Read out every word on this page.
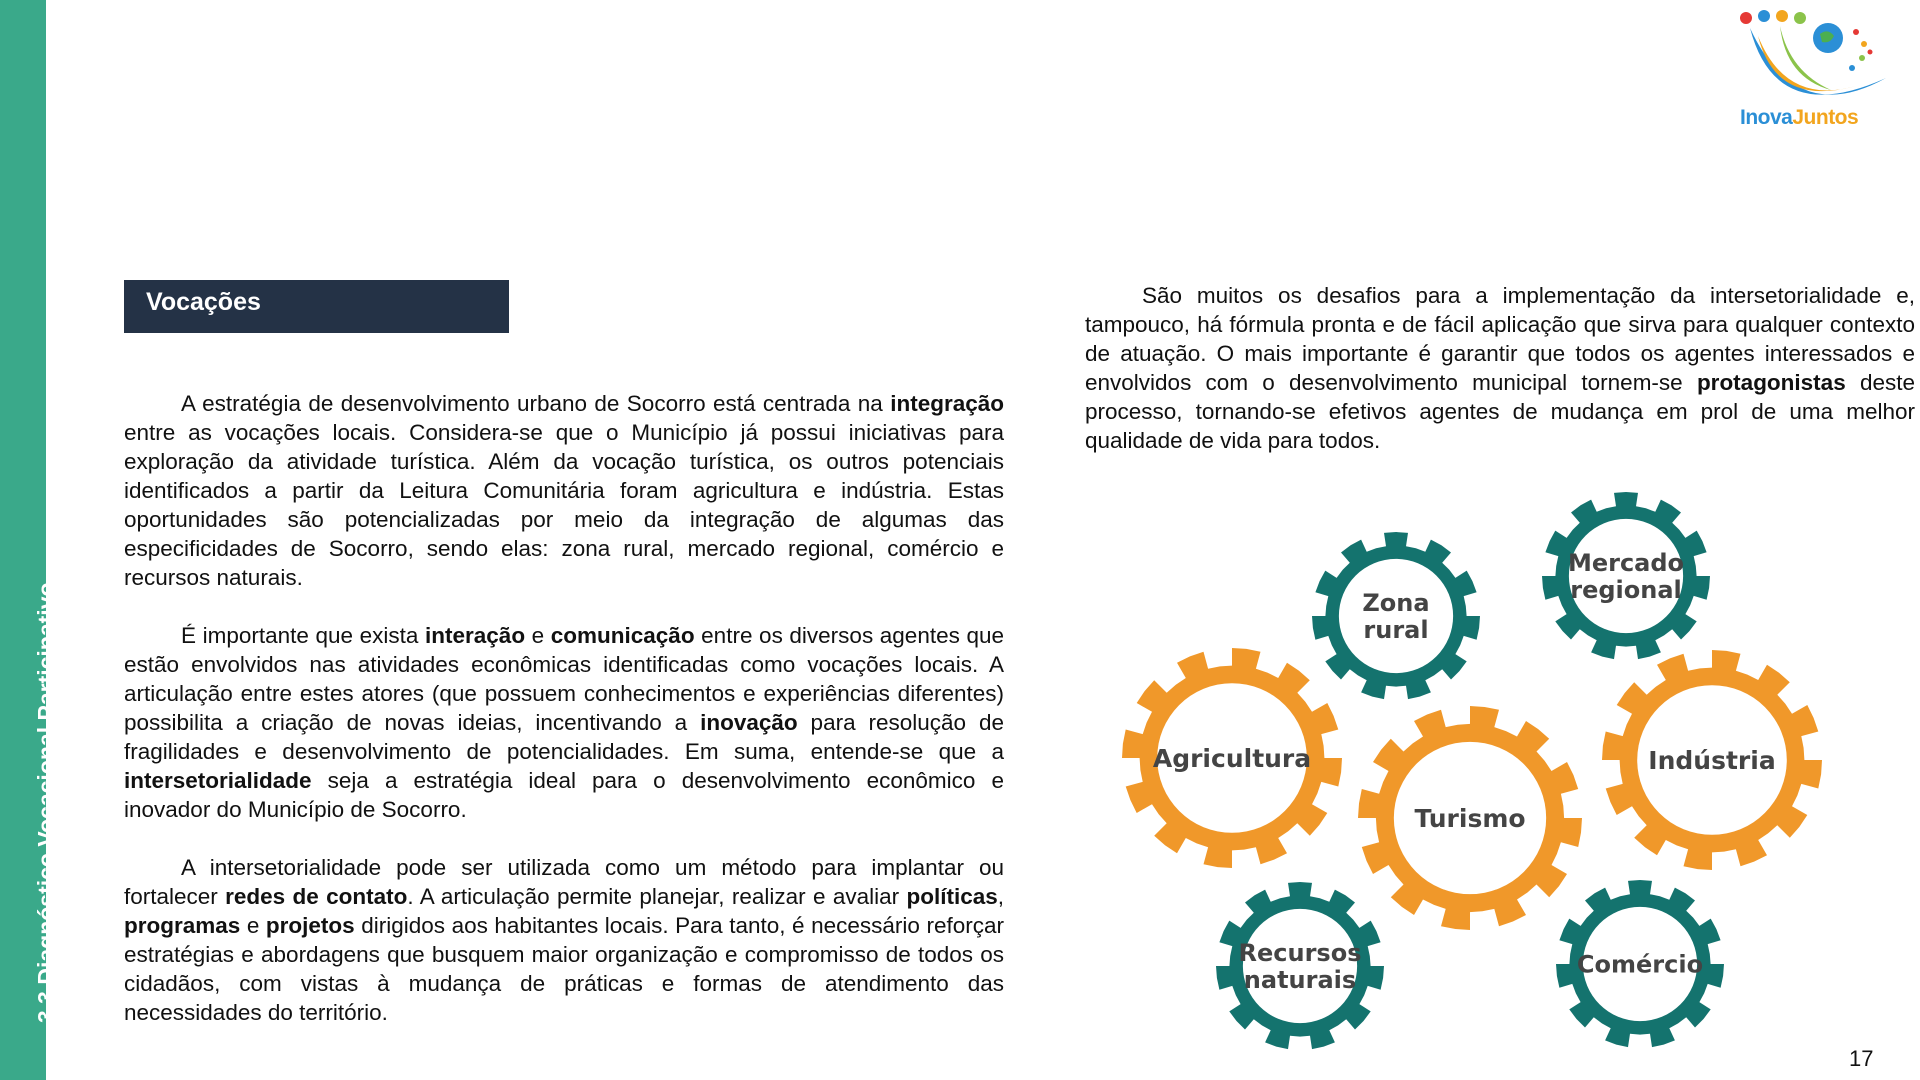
3.3 Diagnóstico Vocacional Participativo
InovaJuntos
Vocações

A estratégia de desenvolvimento urbano de Socorro está centrada na integração entre as vocações locais. Considera-se que o Município já possui iniciativas para exploração da atividade turística. Além da vocação turística, os outros potenciais identificados a partir da Leitura Comunitária foram agricultura e indústria. Estas oportunidades são potencializadas por meio da integração de algumas das especificidades de Socorro, sendo elas: zona rural, mercado regional, comércio e recursos naturais.

É importante que exista interação e comunicação entre os diversos agentes que estão envolvidos nas atividades econômicas identificadas como vocações locais. A articulação entre estes atores (que possuem conhecimentos e experiências diferentes) possibilita a criação de novas ideias, incentivando a inovação para resolução de fragilidades e desenvolvimento de potencialidades. Em suma, entende-se que a intersetorialidade seja a estratégia ideal para o desenvolvimento econômico e inovador do Município de Socorro.

A intersetorialidade pode ser utilizada como um método para implantar ou fortalecer redes de contato. A articulação permite planejar, realizar e avaliar políticas, programas e projetos dirigidos aos habitantes locais. Para tanto, é necessário reforçar estratégias e abordagens que busquem maior organização e compromisso de todos os cidadãos, com vistas à mudança de práticas e formas de atendimento das necessidades do território.

São muitos os desafios para a implementação da intersetorialidade e, tampouco, há fórmula pronta e de fácil aplicação que sirva para qualquer contexto de atuação. O mais importante é garantir que todos os agentes interessados e envolvidos com o desenvolvimento municipal tornem-se protagonistas deste processo, tornando-se efetivos agentes de mudança em prol de uma melhor qualidade de vida para todos.

Zona
rural
Mercado
regional
Agricultura	Indústria
Turismo
Recursos
naturais
Comércio
17
